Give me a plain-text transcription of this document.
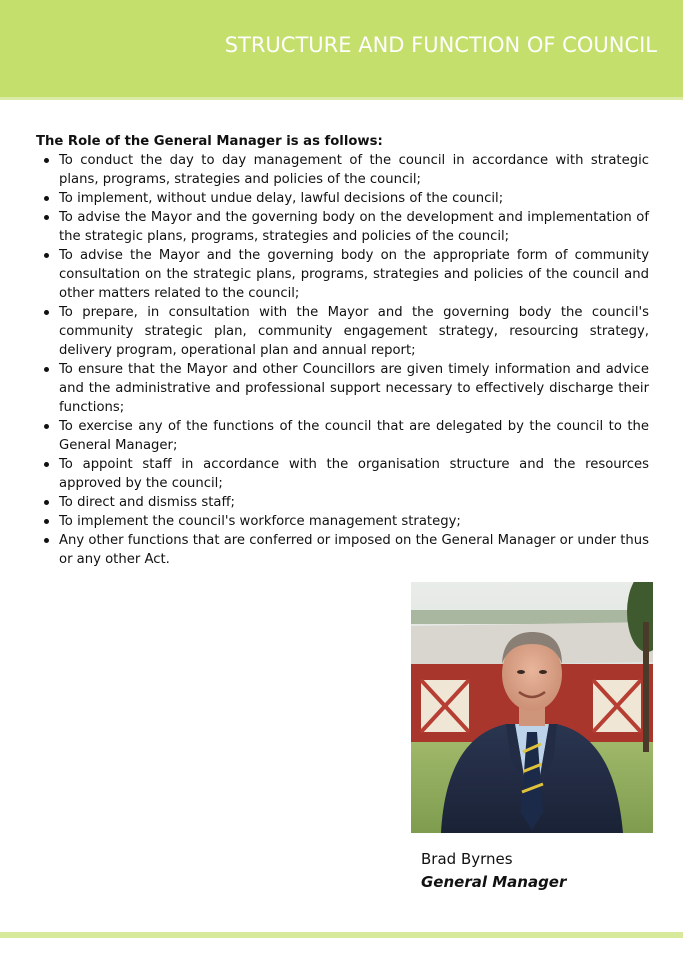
STRUCTURE AND FUNCTION OF COUNCIL

The Role of the General Manager is as follows:

To conduct the day to day management of the council in accordance with strategic plans, programs, strategies and policies of the council;
To implement, without undue delay, lawful decisions of the council;
To advise the Mayor and the governing body on the development and implementation of the strategic plans, programs, strategies and policies of the council;
To advise the Mayor and the governing body on the appropriate form of community consultation on the strategic plans, programs, strategies and policies of the council and other matters related to the council;
To prepare, in consultation with the Mayor and the governing body the council's community strategic plan, community engagement strategy, resourcing strategy, delivery program, operational plan and annual report;
To ensure that the Mayor and other Councillors are given timely information and advice and the administrative and professional support necessary to effectively discharge their functions;
To exercise any of the functions of the council that are delegated by the council to the General Manager;
To appoint staff in accordance with the organisation structure and the resources approved by the council;
To direct and dismiss staff;
To implement the council's workforce management strategy;
Any other functions that are conferred or imposed on the General Manager or under thus or any other Act.
Brad Byrnes
General Manager
